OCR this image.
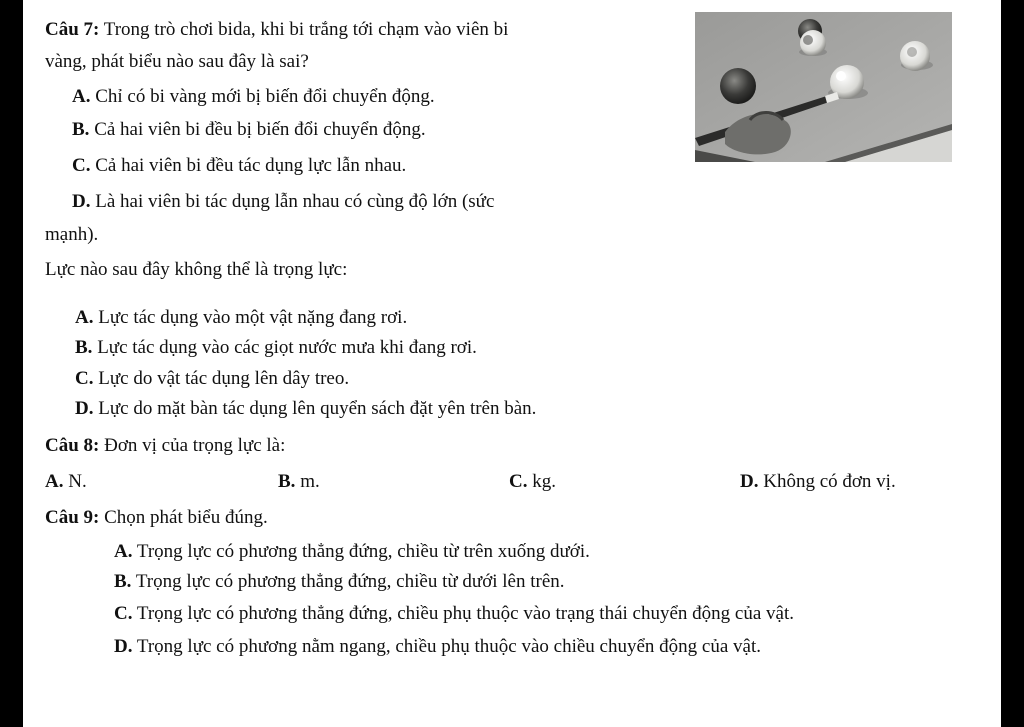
Câu 7: Trong trò chơi bida, khi bi trắng tới chạm vào viên bi
vàng, phát biểu nào sau đây là sai?
A. Chỉ có bi vàng mới bị biến đổi chuyển động.
B. Cả hai viên bi đều bị biến đổi chuyển động.
C. Cả hai viên bi đều tác dụng lực lẫn nhau.
D. Là hai viên bi tác dụng lẫn nhau có cùng độ lớn (sức
mạnh).
Lực nào sau đây không thể là trọng lực:
A. Lực tác dụng vào một vật nặng đang rơi.
B. Lực tác dụng vào các giọt nước mưa khi đang rơi.
C. Lực do vật tác dụng lên dây treo.
D. Lực do mặt bàn tác dụng lên quyển sách đặt yên trên bàn.
Câu 8: Đơn vị của trọng lực là:
A. N.	B. m.	C. kg.	D. Không có đơn vị.
Câu 9: Chọn phát biểu đúng.
A. Trọng lực có phương thẳng đứng, chiều từ trên xuống dưới.
B. Trọng lực có phương thẳng đứng, chiều từ dưới lên trên.
C. Trọng lực có phương thẳng đứng, chiều phụ thuộc vào trạng thái chuyển động của vật.
D. Trọng lực có phương nằm ngang, chiều phụ thuộc vào chiều chuyển động của vật.
